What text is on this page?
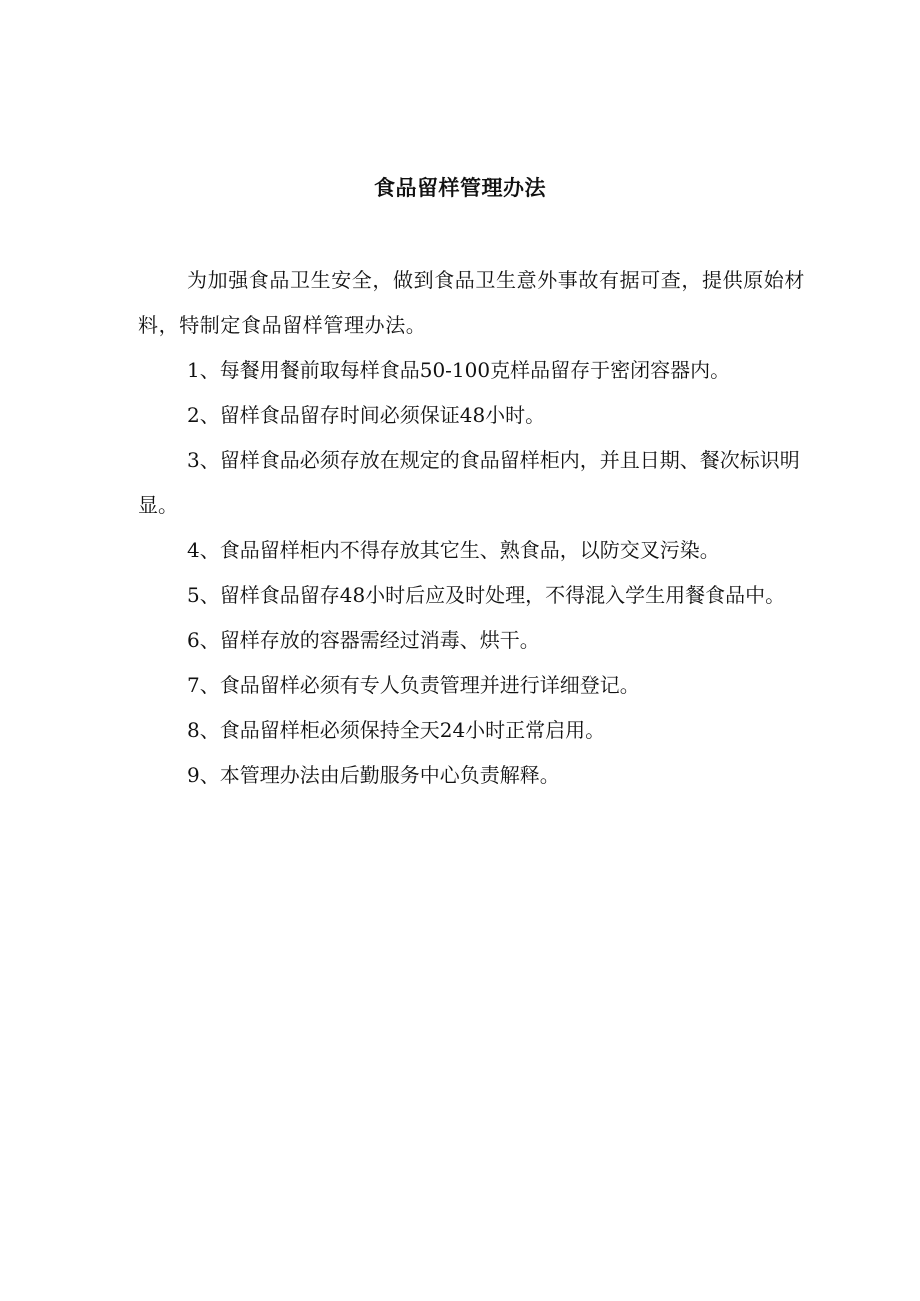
食品留样管理办法

为加强食品卫生安全，做到食品卫生意外事故有据可查，提供原始材料，特制定食品留样管理办法。

1、每餐用餐前取每样食品50-100克样品留存于密闭容器内。

2、留样食品留存时间必须保证48小时。

3、留样食品必须存放在规定的食品留样柜内，并且日期、餐次标识明显。

4、食品留样柜内不得存放其它生、熟食品，以防交叉污染。

5、留样食品留存48小时后应及时处理，不得混入学生用餐食品中。

6、留样存放的容器需经过消毒、烘干。

7、食品留样必须有专人负责管理并进行详细登记。

8、食品留样柜必须保持全天24小时正常启用。

9、本管理办法由后勤服务中心负责解释。
